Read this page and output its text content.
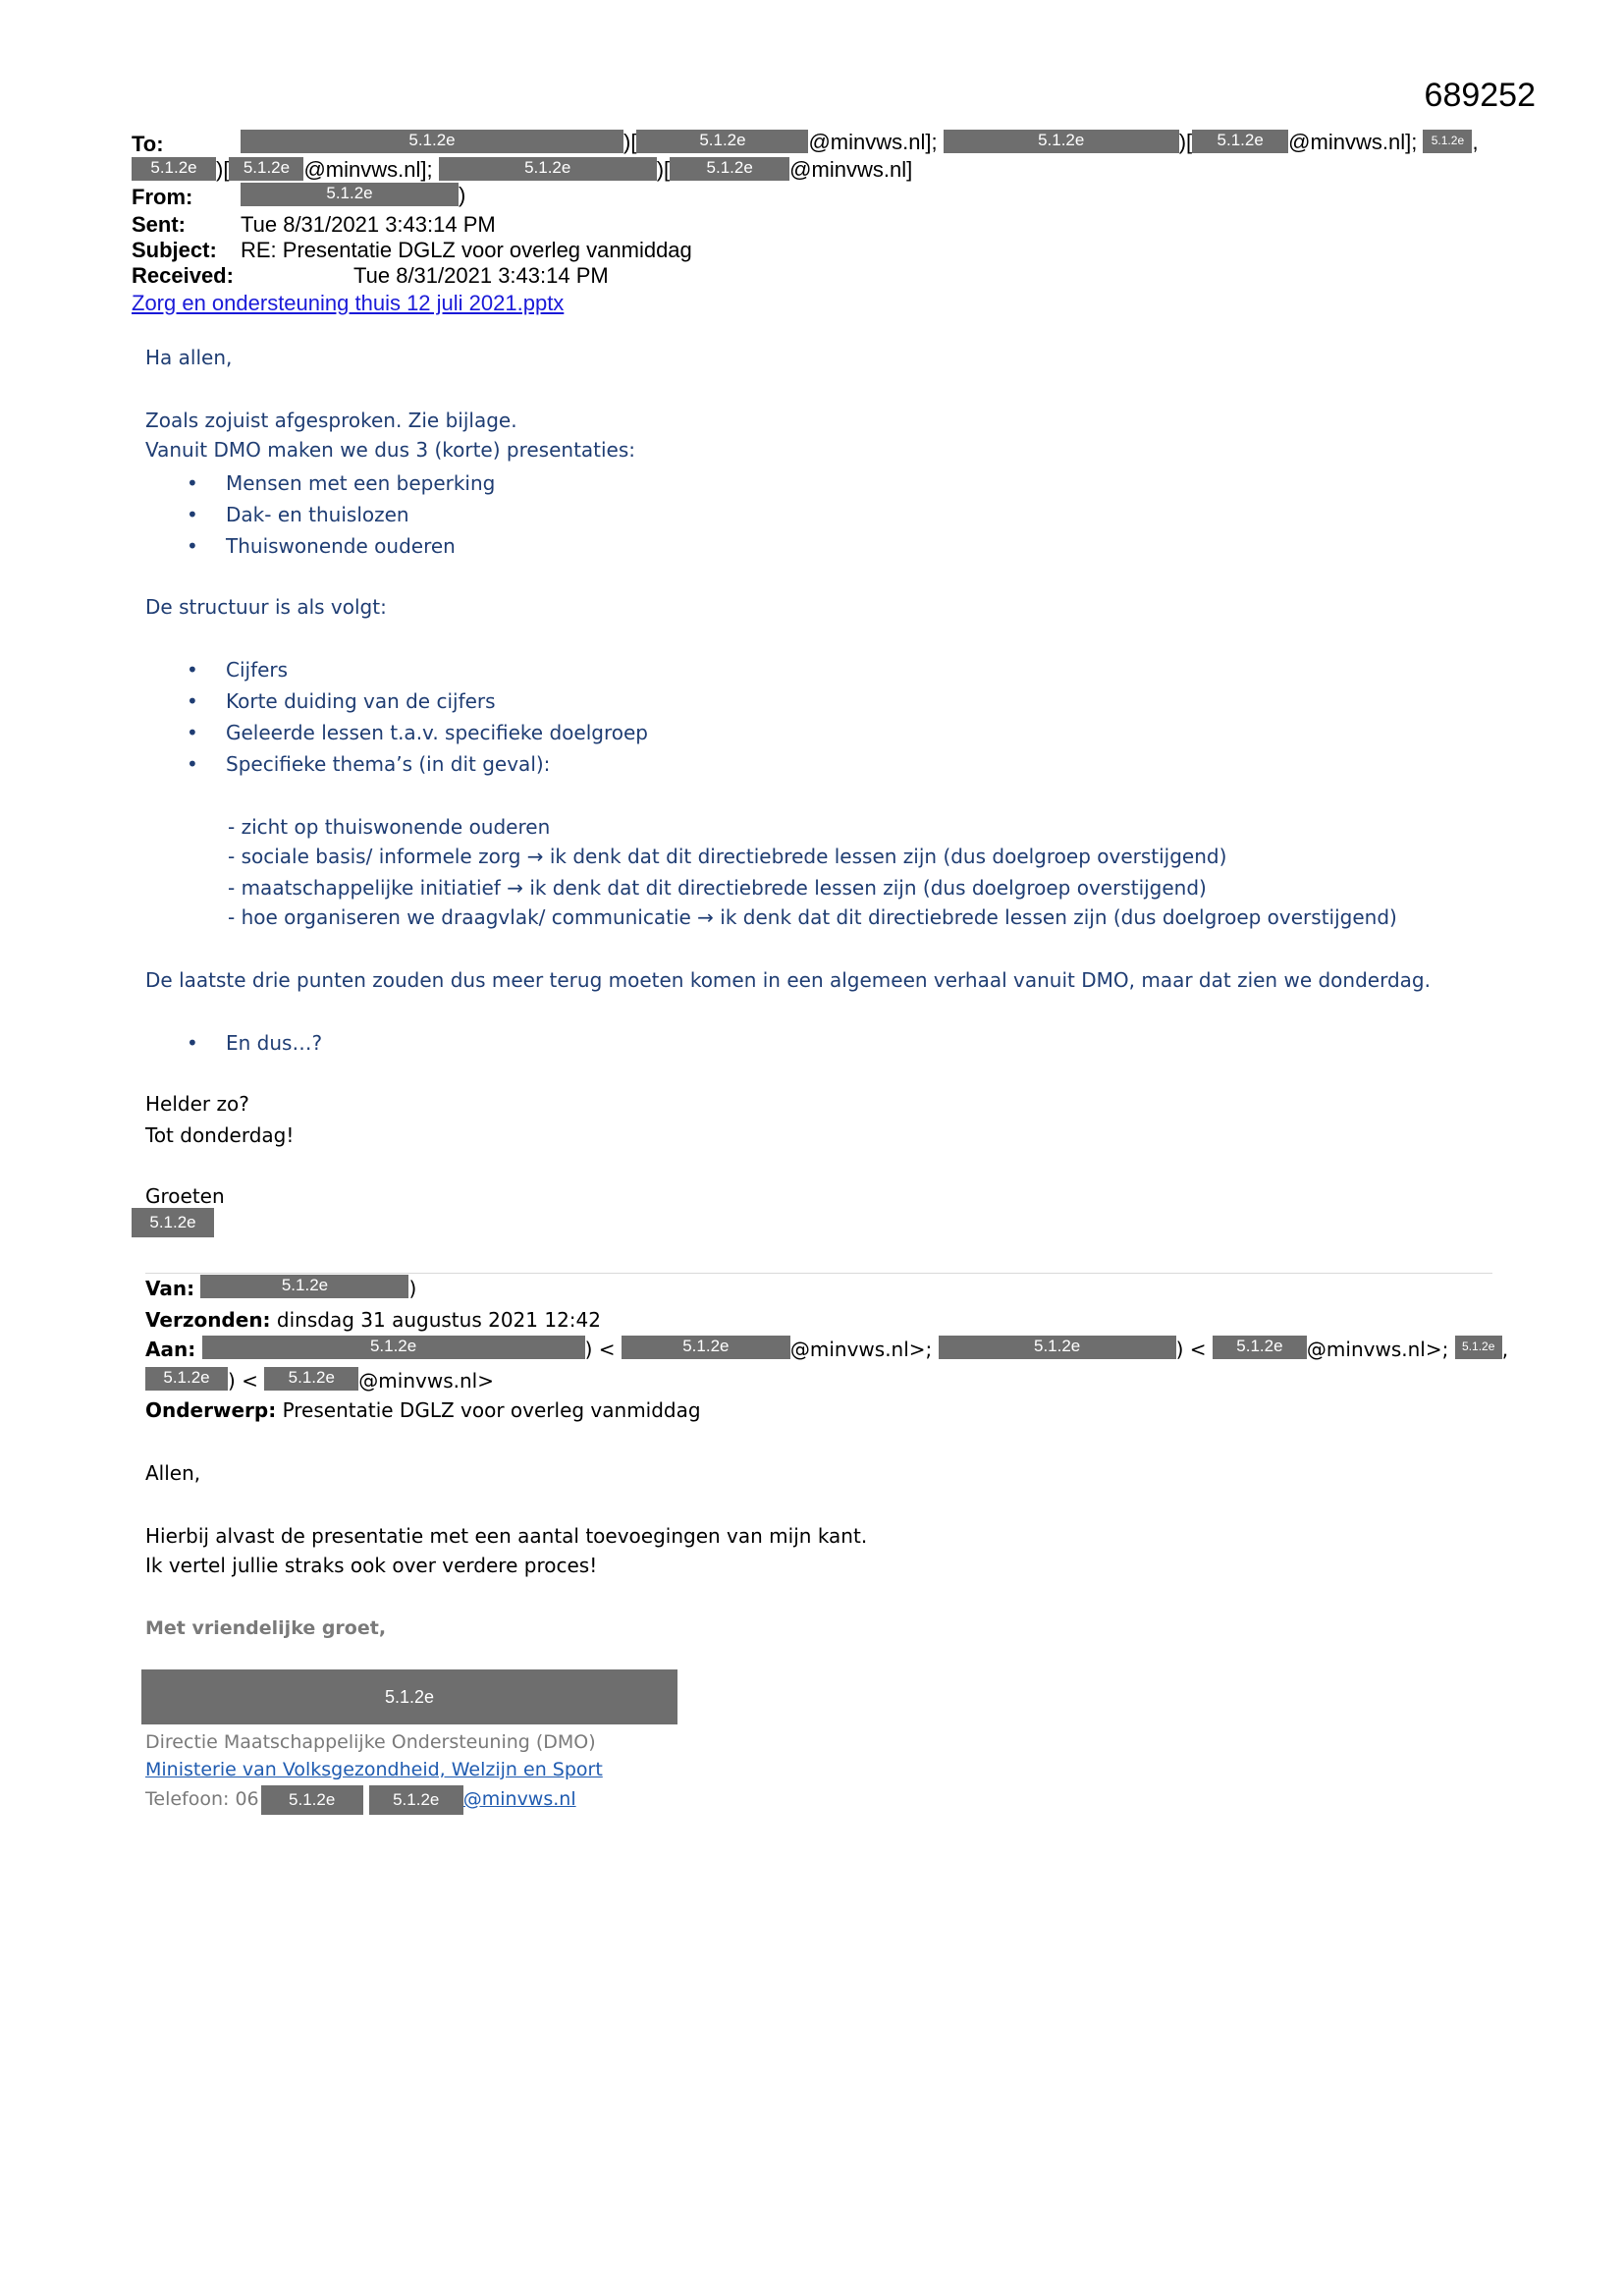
689252
To:	5.1.2e	)[	5.1.2e	@minvws.nl];	5.1.2e	)[ 5.1.2e @minvws.nl]; 5.1.2e ,
5.1.2e )[ 5.1.2e @minvws.nl];	5.1.2e	)[ 5.1.2e @minvws.nl]
From:	5.1.2e	)
Sent:	Tue 8/31/2021 3:43:14 PM
Subject: RE: Presentatie DGLZ voor overleg vanmiddag
Received:	Tue 8/31/2021 3:43:14 PM
Zorg en ondersteuning thuis 12 juli 2021.pptx
Ha allen,
Zoals zojuist afgesproken. Zie bijlage.
Vanuit DMO maken we dus 3 (korte) presentaties:
• Mensen met een beperking
• Dak- en thuislozen
• Thuiswonende ouderen
De structuur is als volgt:
• Cijfers
• Korte duiding van de cijfers
• Geleerde lessen t.a.v. specifieke doelgroep
• Specifieke thema’s (in dit geval):
- zicht op thuiswonende ouderen
- sociale basis/ informele zorg → ik denk dat dit directiebrede lessen zijn (dus doelgroep overstijgend)
- maatschappelijke initiatief → ik denk dat dit directiebrede lessen zijn (dus doelgroep overstijgend)
- hoe organiseren we draagvlak/ communicatie → ik denk dat dit directiebrede lessen zijn (dus doelgroep overstijgend)
De laatste drie punten zouden dus meer terug moeten komen in een algemeen verhaal vanuit DMO, maar dat zien we donderdag.
• En dus…?
Helder zo?
Tot donderdag!
Groeten
5.1.2e
Van:	5.1.2e	)
Verzonden: dinsdag 31 augustus 2021 12:42
Aan:	5.1.2e	) <	5.1.2e	@minvws.nl>;	5.1.2e	) < 5.1.2e @minvws.nl>; 5.1.2e ,
5.1.2e ) < 5.1.2e @minvws.nl>
Onderwerp: Presentatie DGLZ voor overleg vanmiddag
Allen,
Hierbij alvast de presentatie met een aantal toevoegingen van mijn kant.
Ik vertel jullie straks ook over verdere proces!
Met vriendelijke groet,
5.1.2e
Directie Maatschappelijke Ondersteuning (DMO)
Ministerie van Volksgezondheid, Welzijn en Sport
Telefoon: 06 5.1.2e	5.1.2e @minvws.nl
